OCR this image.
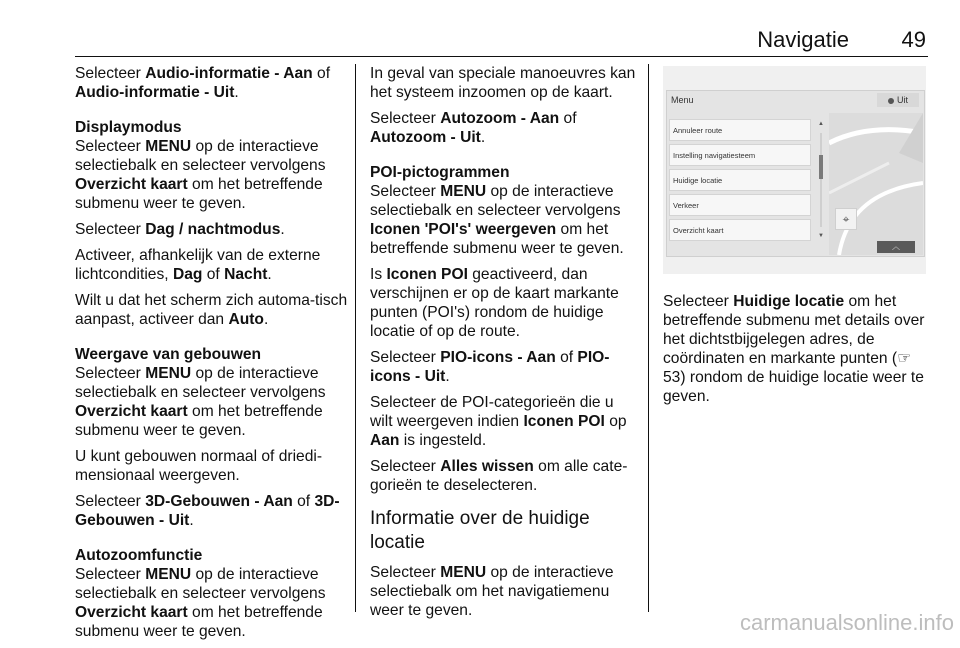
Navigatie 49

Selecteer Audio-informatie - Aan of Audio-informatie - Uit.

Displaymodus

Selecteer MENU op de interactieve selectiebalk en selecteer vervolgens Overzicht kaart om het betreffende submenu weer te geven.

Selecteer Dag / nachtmodus.

Activeer, afhankelijk van de externe lichtcondities, Dag of Nacht.

Wilt u dat het scherm zich automa-tisch aanpast, activeer dan Auto.

Weergave van gebouwen

Selecteer MENU op de interactieve selectiebalk en selecteer vervolgens Overzicht kaart om het betreffende submenu weer te geven.

U kunt gebouwen normaal of driedi-mensionaal weergeven.

Selecteer 3D-Gebouwen - Aan of 3D-Gebouwen - Uit.

Autozoomfunctie

Selecteer MENU op de interactieve selectiebalk en selecteer vervolgens Overzicht kaart om het betreffende submenu weer te geven.

In geval van speciale manoeuvres kan het systeem inzoomen op de kaart.

Selecteer Autozoom - Aan of Autozoom - Uit.

POI-pictogrammen

Selecteer MENU op de interactieve selectiebalk en selecteer vervolgens Iconen 'POI's' weergeven om het betreffende submenu weer te geven.

Is Iconen POI geactiveerd, dan verschijnen er op de kaart markante punten (POI's) rondom de huidige locatie of op de route.

Selecteer PIO-icons - Aan of PIO-icons - Uit.

Selecteer de POI-categorieën die u wilt weergeven indien Iconen POI op Aan is ingesteld.

Selecteer Alles wissen om alle cate-gorieën te deselecteren.

Informatie over de huidige locatie

Selecteer MENU op de interactieve selectiebalk om het navigatiemenu weer te geven.

Menu	Uit
Annuleer route
Instelling navigatiesteem
Huidige locatie
Verkeer
Overzicht kaart
▲
▼
⌖
︿

Selecteer Huidige locatie om het betreffende submenu met details over het dichtstbijgelegen adres, de coördinaten en markante punten (☞ 53) rondom de huidige locatie weer te geven.

carmanualsonline.info
